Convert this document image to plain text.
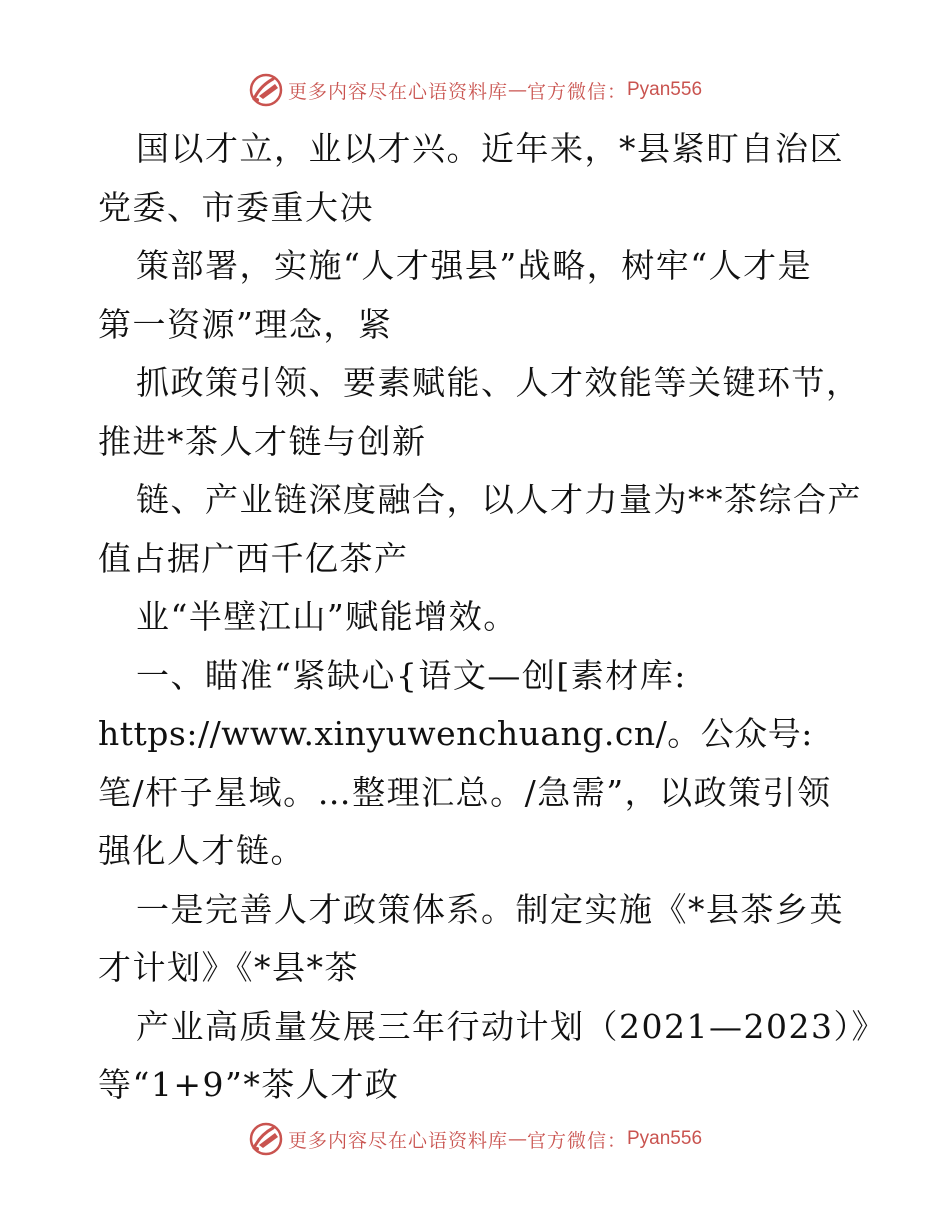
更多内容尽在心语资料库 — 官方微信： Pyan556
国以才立，业以才兴。近年来，*县紧盯自治区
党委、市委重大决
策部署，实施“人才强县”战略，树牢“人才是
第一资源”理念，紧
抓政策引领、要素赋能、人才效能等关键环节，
推进*茶人才链与创新
链、产业链深度融合，以人才力量为**茶综合产
值占据广西千亿茶产
业“半壁江山”赋能增效。
一、瞄准“紧缺心{语文—创[素材库:
https://www.xinyuwenchuang.cn/。公众号:
笔/杆子星域。…整理汇总。/急需”，以政策引领
强化人才链。
一是完善人才政策体系。制定实施《*县茶乡英
才计划》《*县*茶
产业高质量发展三年行动计划（2021—2023）》
等“1+9”*茶人才政
更多内容尽在心语资料库 — 官方微信： Pyan556
